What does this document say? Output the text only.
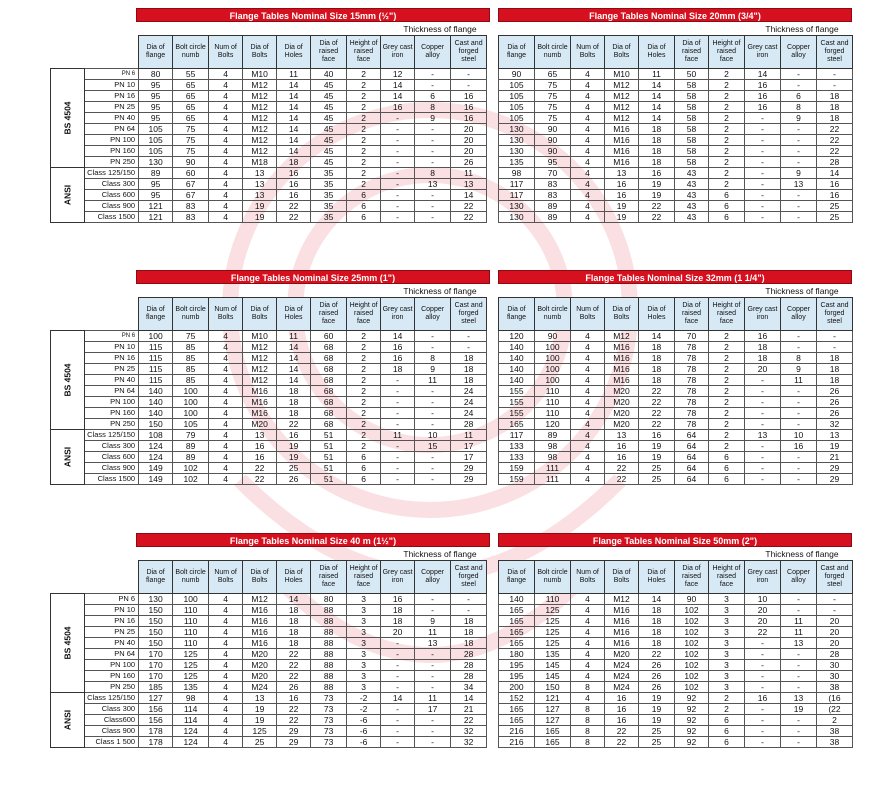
Flange Tables Nominal Size 15mm (½")
Thickness of flange
Flange Tables Nominal Size 20mm (3/4")
Thickness of flange
		Dia of flange	Bolt circle numb	Num of Bolts	Dia of Bolts	Dia of Holes	Dia of raised face	Height of raised face	Grey cast iron	Copper alloy	Cast and forged steel

BS 4504	PN 6	80	55	4	M10	11	40	2	12	-	-
	PN 10	95	65	4	M12	14	45	2	14	-	-
	PN 16	95	65	4	M12	14	45	2	14	6	16
	PN 25	95	65	4	M12	14	45	2	16	8	16
	PN 40	95	65	4	M12	14	45	2	-	9	16
	PN 64	105	75	4	M12	14	45	2	-	-	20
	PN 100	105	75	4	M12	14	45	2	-	-	20
	PN 160	105	75	4	M12	14	45	2	-	-	20
	PN 250	130	90	4	M18	18	45	2	-	-	26

ANSI	Class 125/150	89	60	4	13	16	35	2	-	8	11
	Class 300	95	67	4	13	16	35	2	-	13	13
	Class 600	95	67	4	13	16	35	6	-	-	14
	Class 900	121	83	4	19	22	35	6	-	-	22
	Class 1500	121	83	4	19	22	35	6	-	-	22
Dia of flange	Bolt circle numb	Num of Bolts	Dia of Bolts	Dia of Holes	Dia of raised face	Height of raised face	Grey cast iron	Copper alloy	Cast and forged steel
90	65	4	M10	11	50	2	14	-	-
105	75	4	M12	14	58	2	16	-	-
105	75	4	M12	14	58	2	16	6	18
105	75	4	M12	14	58	2	16	8	18
105	75	4	M12	14	58	2	-	9	18
130	90	4	M16	18	58	2	-	-	22
130	90	4	M16	18	58	2	-	-	22
130	90	4	M16	18	58	2	-	-	22
135	95	4	M16	18	58	2	-	-	28
98	70	4	13	16	43	2	-	9	14
117	83	4	16	19	43	2	-	13	16
117	83	4	16	19	43	6	-	-	16
130	89	4	19	22	43	6	-	-	25
130	89	4	19	22	43	6	-	-	25
Flange Tables Nominal Size 25mm (1")
Thickness of flange
Flange Tables Nominal Size 32mm (1 1/4")
Thickness of flange
		Dia of flange	Bolt circle numb	Num of Bolts	Dia of Bolts	Dia of Holes	Dia of raised face	Height of raised face	Grey cast iron	Copper alloy	Cast and forged steel

BS 4504	PN 6	100	75	4	M10	11	60	2	14	-	-
	PN 10	115	85	4	M12	14	68	2	16	-	-
	PN 16	115	85	4	M12	14	68	2	16	8	18
	PN 25	115	85	4	M12	14	68	2	18	9	18
	PN 40	115	85	4	M12	14	68	2	-	11	18
	PN 64	140	100	4	M16	18	68	2	-	-	24
	PN 100	140	100	4	M16	18	68	2	-	-	24
	PN 160	140	100	4	M16	18	68	2	-	-	24
	PN 250	150	105	4	M20	22	68	2	-	-	28

ANSI	Class 125/150	108	79	4	13	16	51	2	11	10	11
	Class 300	124	89	4	16	19	51	2	-	15	17
	Class 600	124	89	4	16	19	51	6	-	-	17
	Class 900	149	102	4	22	25	51	6	-	-	29
	Class 1500	149	102	4	22	26	51	6	-	-	29
Dia of flange	Bolt circle numb	Num of Bolts	Dia of Bolts	Dia of Holes	Dia of raised face	Height of raised face	Grey cast iron	Copper alloy	Cast and forged steel
120	90	4	M12	14	70	2	16	-	-
140	100	4	M16	18	78	2	18	-	-
140	100	4	M16	18	78	2	18	8	18
140	100	4	M16	18	78	2	20	9	18
140	100	4	M16	18	78	2	-	11	18
155	110	4	M20	22	78	2	-	-	26
155	110	4	M20	22	78	2	-	-	26
155	110	4	M20	22	78	2	-	-	26
165	120	4	M20	22	78	2	-	-	32
117	89	4	13	16	64	2	13	10	13
133	98	4	16	19	64	2	-	16	19
133	98	4	16	19	64	6	-	-	21
159	111	4	22	25	64	6	-	-	29
159	111	4	22	25	64	6	-	-	29
Flange Tables Nominal Size 40 m (1½")
Thickness of flange
Flange Tables Nominal Size 50mm (2")
Thickness of flange
		Dia of flange	Bolt circle numb	Num of Bolts	Dia of Bolts	Dia of Holes	Dia of raised face	Height of raised face	Grey cast iron	Copper alloy	Cast and forged steel

BS 4504	PN 6	130	100	4	M12	14	80	3	16	-	-
	PN 10	150	110	4	M16	18	88	3	18	-	-
	PN 16	150	110	4	M16	18	88	3	18	9	18
	PN 25	150	110	4	M16	18	88	3	20	11	18
	PN 40	150	110	4	M16	18	88	3	-	13	18
	PN 64	170	125	4	M20	22	88	3	-	-	28
	PN 100	170	125	4	M20	22	88	3	-	-	28
	PN 160	170	125	4	M20	22	88	3	-	-	28
	PN 250	185	135	4	M24	26	88	3	-	-	34

ANSI	Class 125/150	127	98	4	13	16	73	-2	14	11	14
	Class 300	156	114	4	19	22	73	-2	-	17	21
	Class600	156	114	4	19	22	73	-6	-	-	22
	Class 900	178	124	4	125	29	73	-6	-	-	32
	Class 1 500	178	124	4	25	29	73	-6	-	-	32
Dia of flange	Bolt circle numb	Num of Bolts	Dia of Bolts	Dia of Holes	Dia of raised face	Height of raised face	Grey cast iron	Copper alloy	Cast and forged steel
140	110	4	M12	14	90	3	10	-	-
165	125	4	M16	18	102	3	20	-	-
165	125	4	M16	18	102	3	20	11	20
165	125	4	M16	18	102	3	22	11	20
165	125	4	M16	18	102	3	-	13	20
180	135	4	M20	22	102	3	-	-	28
195	145	4	M24	26	102	3	-	-	30
195	145	4	M24	26	102	3	-	-	30
200	150	8	M24	26	102	3	-	-	38
152	121	4	16	19	92	2	16	13	(16
165	127	8	16	19	92	2	-	19	(22
165	127	8	16	19	92	6	-	-	2
216	165	8	22	25	92	6	-	-	38
216	165	8	22	25	92	6	-	-	38
